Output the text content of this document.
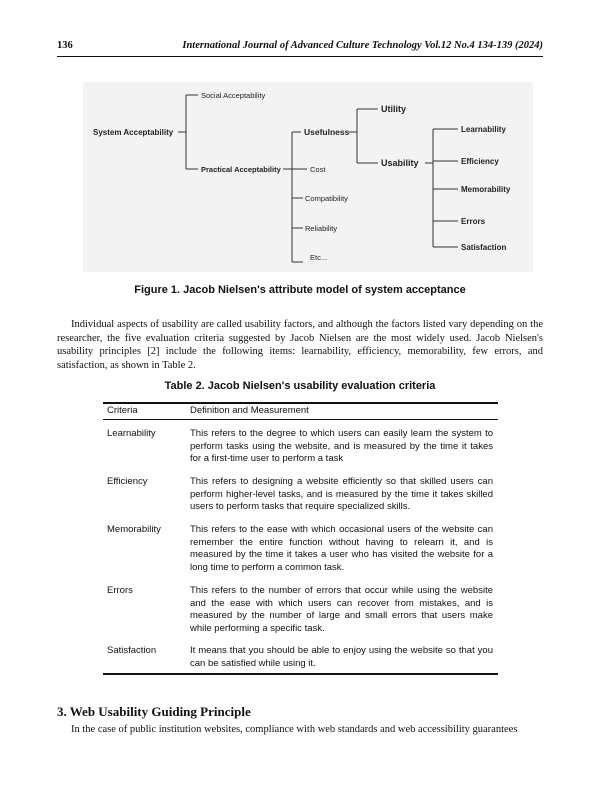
136	International Journal of Advanced Culture Technology Vol.12 No.4 134-139 (2024)
System Acceptability
Social Acceptability
Practical Acceptability
Usefulness
Cost
Compatibility
Reliability
Etc...
Utility
Usability
Learnability
Efficiency
Memorability
Errors
Satisfaction
Figure 1. Jacob Nielsen's attribute model of system acceptance

Individual aspects of usability are called usability factors, and although the factors listed vary depending on the researcher, the five evaluation criteria suggested by Jacob Nielsen are the most widely used. Jacob Nielsen's usability principles [2] include the following items: learnability, efficiency, memorability, few errors, and satisfaction, as shown in Table 2.

Table 2. Jacob Nielsen's usability evaluation criteria
Criteria	Definition and Measurement
Learnability	This refers to the degree to which users can easily learn the system to perform tasks using the website, and is measured by the time it takes for a first-time user to perform a task
Efficiency	This refers to designing a website efficiently so that skilled users can perform higher-level tasks, and is measured by the time it takes skilled users to perform tasks that require specialized skills.
Memorability	This refers to the ease with which occasional users of the website can remember the entire function without having to relearn it, and is measured by the time it takes a user who has visited the website for a long time to perform a common task.
Errors	This refers to the number of errors that occur while using the website and the ease with which users can recover from mistakes, and is measured by the number of large and small errors that users make while performing a specific task.
Satisfaction	It means that you should be able to enjoy using the website so that you can be satisfied while using it.
3. Web Usability Guiding Principle
In the case of public institution websites, compliance with web standards and web accessibility guarantees
